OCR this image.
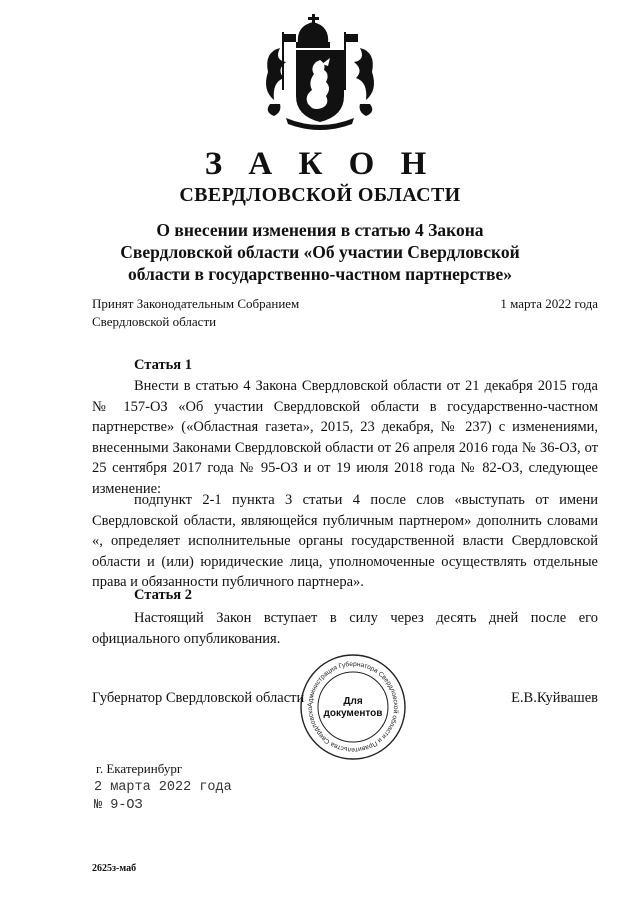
З А К О Н
СВЕРДЛОВСКОЙ ОБЛАСТИ
О внесении изменения в статью 4 Закона
Свердловской области «Об участии Свердловской
области в государственно-частном партнерстве»
Принят Законодательным Собранием
Свердловской области
1 марта 2022 года
Статья 1

Внести в статью 4 Закона Свердловской области от 21 декабря 2015 года № 157-ОЗ «Об участии Свердловской области в государственно-частном партнерстве» («Областная газета», 2015, 23 декабря, № 237) с изменениями, внесенными Законами Свердловской области от 26 апреля 2016 года № 36-ОЗ, от 25 сентября 2017 года № 95-ОЗ и от 19 июля 2018 года № 82-ОЗ, следующее изменение:

подпункт 2-1 пункта 3 статьи 4 после слов «выступать от имени Свердловской области, являющейся публичным партнером» дополнить словами «, определяет исполнительные органы государственной власти Свердловской области и (или) юридические лица, уполномоченные осуществлять отдельные права и обязанности публичного партнера».

Статья 2

Настоящий Закон вступает в силу через десять дней после его официального опубликования.

Губернатор Свердловской области	Е.В.Куйвашев
Администрация Губернатора Свердловской области и Правительства Свердловско
Для
документов
г. Екатеринбург
2 марта 2022 года
№ 9-ОЗ
2625з-маб
